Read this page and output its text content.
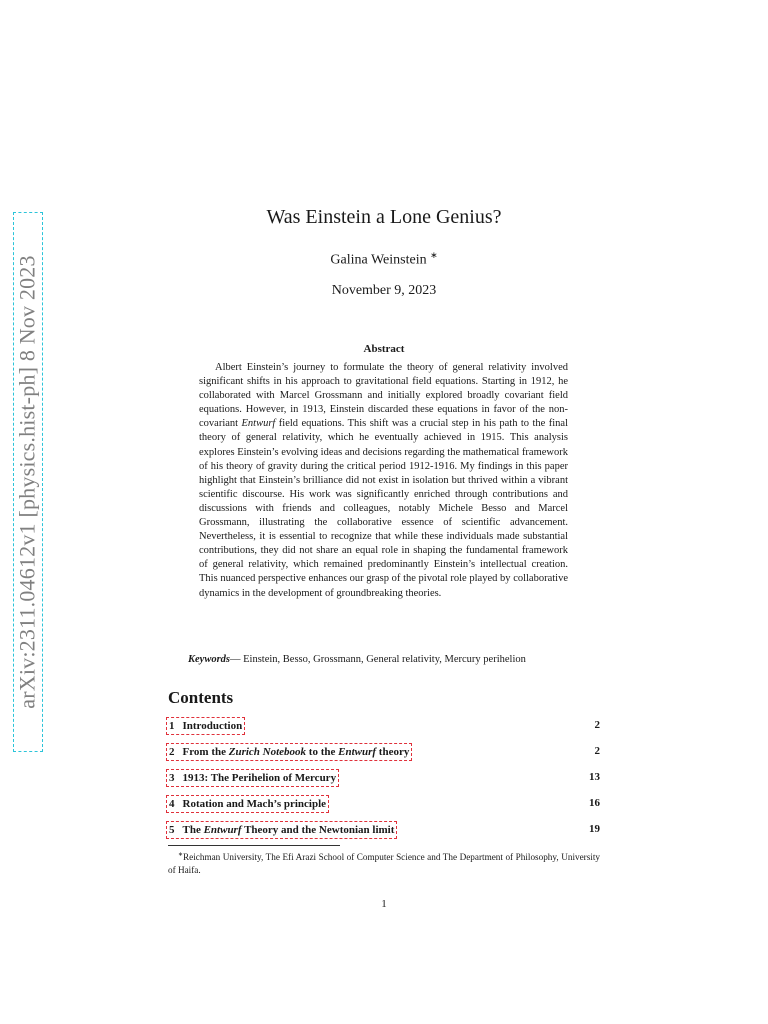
arXiv:2311.04612v1 [physics.hist-ph] 8 Nov 2023
Was Einstein a Lone Genius?
Galina Weinstein ∗
November 9, 2023
Abstract

Albert Einstein’s journey to formulate the theory of general relativity involved significant shifts in his approach to gravitational field equations. Starting in 1912, he collaborated with Marcel Grossmann and initially explored broadly covariant field equations. However, in 1913, Einstein discarded these equations in favor of the non-covariant Entwurf field equations. This shift was a crucial step in his path to the final theory of general relativity, which he eventually achieved in 1915. This analysis explores Einstein’s evolving ideas and decisions regarding the mathematical framework of his theory of gravity during the critical period 1912-1916. My findings in this paper highlight that Einstein’s brilliance did not exist in isolation but thrived within a vibrant scientific discourse. His work was significantly enriched through contributions and discussions with friends and colleagues, notably Michele Besso and Marcel Grossmann, illustrating the collaborative essence of scientific advancement. Nevertheless, it is essential to recognize that while these individuals made substantial contributions, they did not share an equal role in shaping the fundamental framework of general relativity, which remained predominantly Einstein’s intellectual creation. This nuanced perspective enhances our grasp of the pivotal role played by collaborative dynamics in the development of groundbreaking theories.

Keywords— Einstein, Besso, Grossmann, General relativity, Mercury perihelion
Contents
1 Introduction	2
2 From the Zurich Notebook to the Entwurf theory	2
3 1913: The Perihelion of Mercury	13
4 Rotation and Mach’s principle	16
5 The Entwurf Theory and the Newtonian limit	19

∗Reichman University, The Efi Arazi School of Computer Science and The Department of Philosophy, University of Haifa.

1
